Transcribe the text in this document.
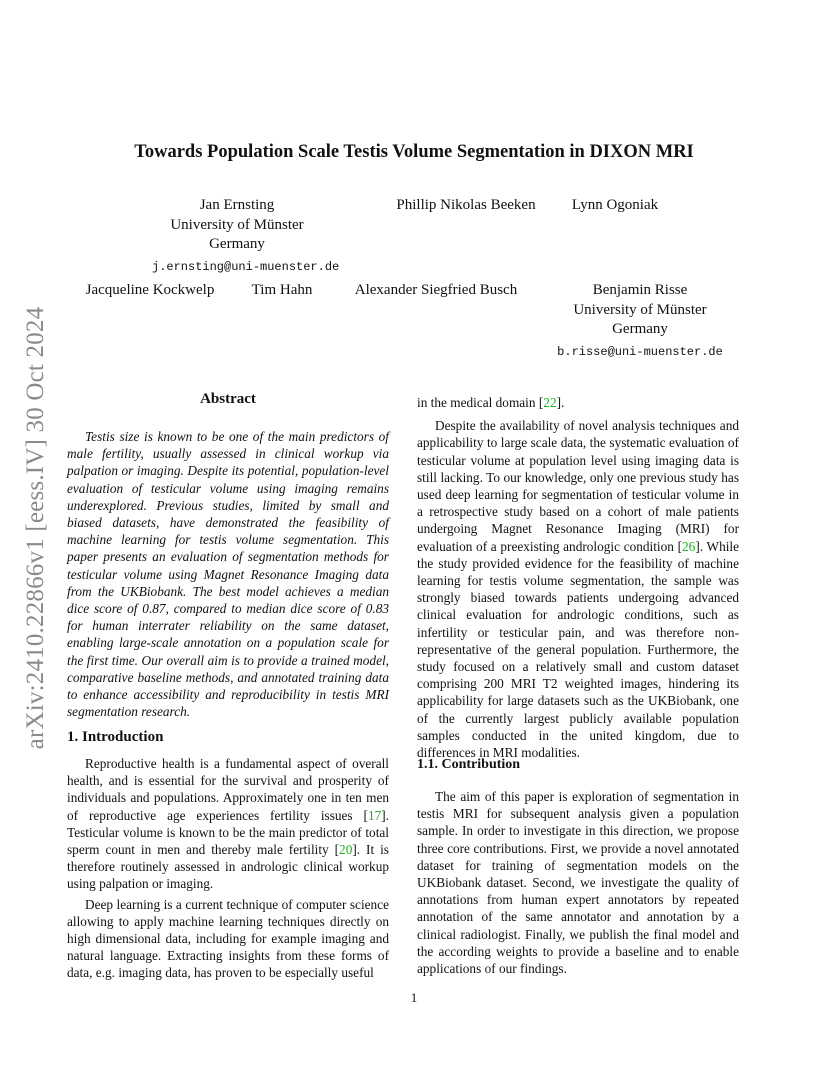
arXiv:2410.22866v1 [eess.IV] 30 Oct 2024
Towards Population Scale Testis Volume Segmentation in DIXON MRI
Jan Ernsting
University of Münster
Germany
j.ernsting@uni-muenster.de
Phillip Nikolas Beeken	Lynn Ogoniak
Jacqueline Kockwelp	Tim Hahn	Alexander Siegfried Busch	Benjamin Risse
University of Münster
Germany
b.risse@uni-muenster.de
Abstract
Testis size is known to be one of the main predictors of male fertility, usually assessed in clinical workup via palpation or imaging. Despite its potential, population-level evaluation of testicular volume using imaging remains underexplored. Previous studies, limited by small and biased datasets, have demonstrated the feasibility of machine learning for testis volume segmentation. This paper presents an evaluation of segmentation methods for testicular volume using Magnet Resonance Imaging data from the UKBiobank. The best model achieves a median dice score of 0.87, compared to median dice score of 0.83 for human interrater reliability on the same dataset, enabling large-scale annotation on a population scale for the first time. Our overall aim is to provide a trained model, comparative baseline methods, and annotated training data to enhance accessibility and reproducibility in testis MRI segmentation research.
1. Introduction

Reproductive health is a fundamental aspect of overall health, and is essential for the survival and prosperity of individuals and populations. Approximately one in ten men of reproductive age experiences fertility issues [17]. Testicular volume is known to be the main predictor of total sperm count in men and thereby male fertility [20]. It is therefore routinely assessed in andrologic clinical workup using palpation or imaging.

Deep learning is a current technique of computer science allowing to apply machine learning techniques directly on high dimensional data, including for example imaging and natural language. Extracting insights from these forms of data, e.g. imaging data, has proven to be especially useful

in the medical domain [22].

Despite the availability of novel analysis techniques and applicability to large scale data, the systematic evaluation of testicular volume at population level using imaging data is still lacking. To our knowledge, only one previous study has used deep learning for segmentation of testicular volume in a retrospective study based on a cohort of male patients undergoing Magnet Resonance Imaging (MRI) for evaluation of a preexisting andrologic condition [26]. While the study provided evidence for the feasibility of machine learning for testis volume segmentation, the sample was strongly biased towards patients undergoing advanced clinical evaluation for andrologic conditions, such as infertility or testicular pain, and was therefore non-representative of the general population. Furthermore, the study focused on a relatively small and custom dataset comprising 200 MRI T2 weighted images, hindering its applicability for large datasets such as the UKBiobank, one of the currently largest publicly available population samples conducted in the united kingdom, due to differences in MRI modalities.

1.1. Contribution

The aim of this paper is exploration of segmentation in testis MRI for subsequent analysis given a population sample. In order to investigate in this direction, we propose three core contributions. First, we provide a novel annotated dataset for training of segmentation models on the UKBiobank dataset. Second, we investigate the quality of annotations from human expert annotators by repeated annotation of the same annotator and annotation by a clinical radiologist. Finally, we publish the final model and the according weights to provide a baseline and to enable applications of our findings.

1
